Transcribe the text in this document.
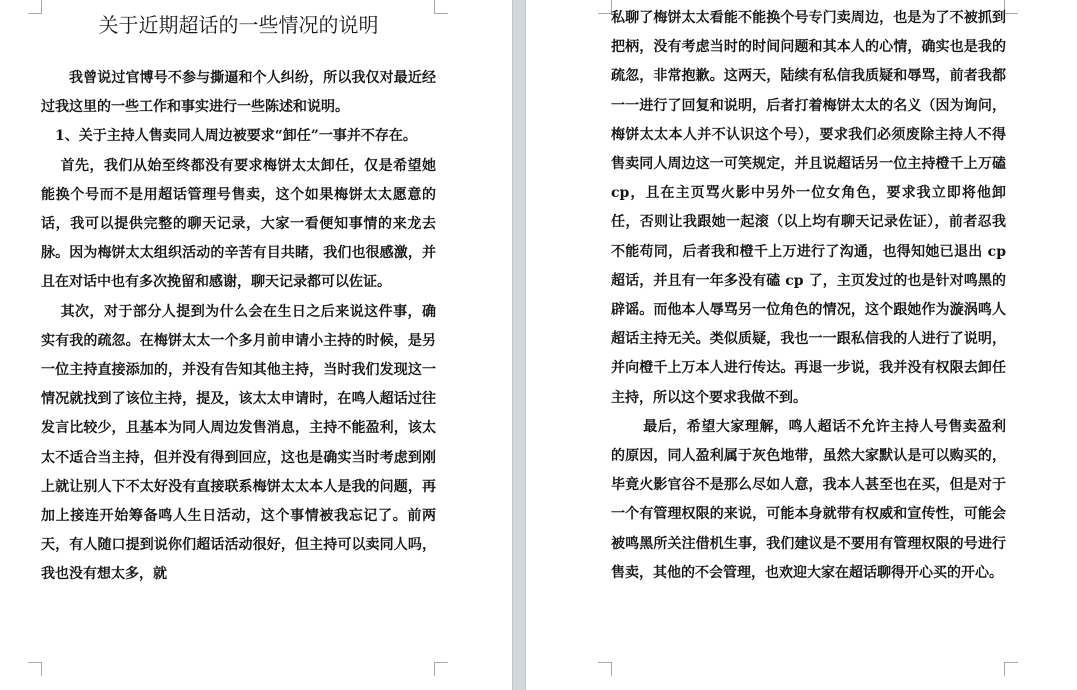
关于近期超话的一些情况的说明

我曾说过官博号不参与撕逼和个人纠纷，所以我仅对最近经过我这里的一些工作和事实进行一些陈述和说明。

1、关于主持人售卖同人周边被要求“卸任”一事并不存在。

首先，我们从始至终都没有要求梅饼太太卸任，仅是希望她能换个号而不是用超话管理号售卖，这个如果梅饼太太愿意的话，我可以提供完整的聊天记录，大家一看便知事情的来龙去脉。因为梅饼太太组织活动的辛苦有目共睹，我们也很感激，并且在对话中也有多次挽留和感谢，聊天记录都可以佐证。

其次，对于部分人提到为什么会在生日之后来说这件事，确实有我的疏忽。在梅饼太太一个多月前申请小主持的时候，是另一位主持直接添加的，并没有告知其他主持，当时我们发现这一情况就找到了该位主持，提及，该太太申请时，在鸣人超话过往发言比较少，且基本为同人周边发售消息，主持不能盈利，该太太不适合当主持，但并没有得到回应，这也是确实当时考虑到刚上就让别人下不太好没有直接联系梅饼太太本人是我的问题，再加上接连开始筹备鸣人生日活动，这个事情被我忘记了。前两天，有人随口提到说你们超话活动很好，但主持可以卖同人吗，我也没有想太多，就

私聊了梅饼太太看能不能换个号专门卖周边，也是为了不被抓到把柄，没有考虑当时的时间问题和其本人的心情，确实也是我的疏忽，非常抱歉。这两天，陆续有私信我质疑和辱骂，前者我都一一进行了回复和说明，后者打着梅饼太太的名义（因为询问，梅饼太太本人并不认识这个号），要求我们必须废除主持人不得售卖同人周边这一可笑规定，并且说超话另一位主持橙千上万磕 cp，且在主页骂火影中另外一位女角色，要求我立即将他卸任，否则让我跟她一起滚（以上均有聊天记录佐证），前者忍我不能苟同，后者我和橙千上万进行了沟通，也得知她已退出 cp 超话，并且有一年多没有磕 cp 了，主页发过的也是针对鸣黑的辟谣。而他本人辱骂另一位角色的情况，这个跟她作为漩涡鸣人超话主持无关。类似质疑，我也一一跟私信我的人进行了说明，并向橙千上万本人进行传达。再退一步说，我并没有权限去卸任主持，所以这个要求我做不到。

最后，希望大家理解，鸣人超话不允许主持人号售卖盈利的原因，同人盈利属于灰色地带，虽然大家默认是可以购买的，毕竟火影官谷不是那么尽如人意，我本人甚至也在买，但是对于一个有管理权限的来说，可能本身就带有权威和宣传性，可能会被鸣黑所关注借机生事，我们建议是不要用有管理权限的号进行售卖，其他的不会管理，也欢迎大家在超话聊得开心买的开心。
